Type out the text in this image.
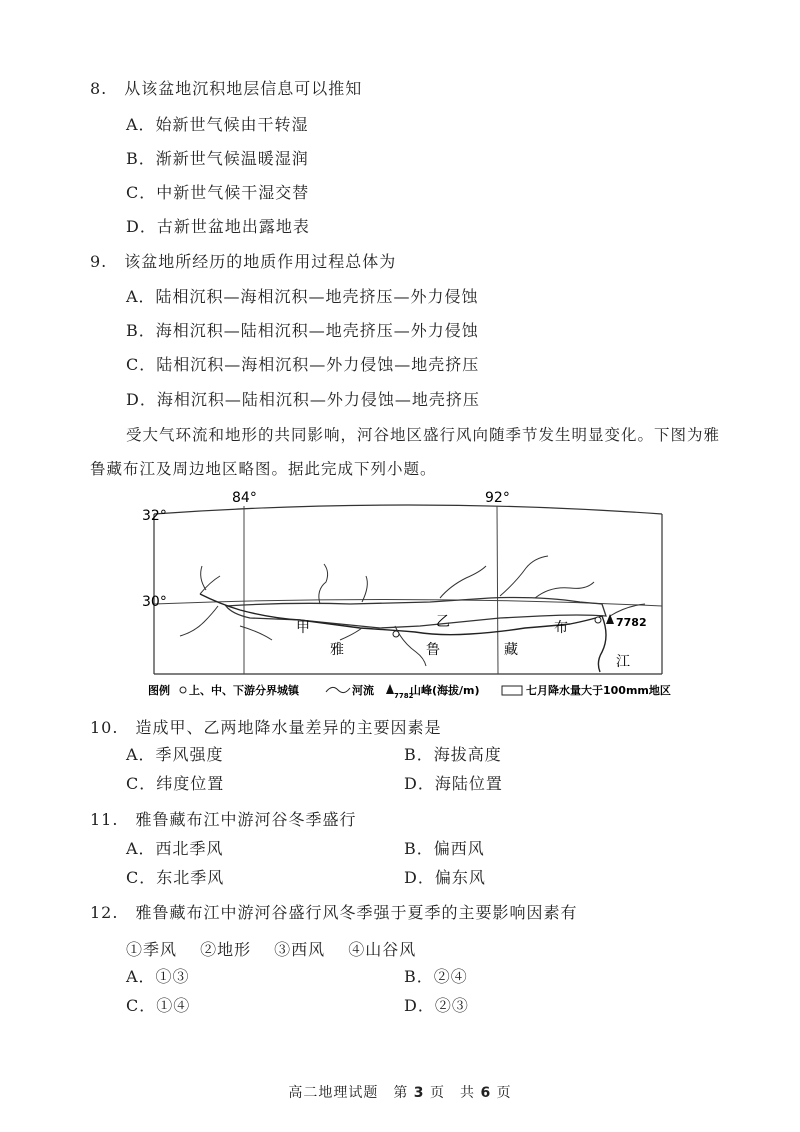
8.　从该盆地沉积地层信息可以推知
A．始新世气候由干转湿
B．渐新世气候温暖湿润
C．中新世气候干湿交替
D．古新世盆地出露地表
9.　该盆地所经历的地质作用过程总体为
A．陆相沉积—海相沉积—地壳挤压—外力侵蚀
B．海相沉积—陆相沉积—地壳挤压—外力侵蚀
C．陆相沉积—海相沉积—外力侵蚀—地壳挤压
D．海相沉积—陆相沉积—外力侵蚀—地壳挤压
受大气环流和地形的共同影响，河谷地区盛行风向随季节发生明显变化。下图为雅
鲁藏布江及周边地区略图。据此完成下列小题。
7782
84°	92°
32°
30°
甲
雅
乙
鲁	藏
布
江
图例 上、中、下游分界城镇	河流	7782
山峰(海拔/m)	七月降水量大于100mm地区
10.　造成甲、乙两地降水量差异的主要因素是
A．季风强度	B．海拔高度
C．纬度位置	D．海陆位置
11.　雅鲁藏布江中游河谷冬季盛行
A．西北季风	B．偏西风
C．东北季风	D．偏东风
12.　雅鲁藏布江中游河谷盛行风冬季强于夏季的主要影响因素有
①季风　 ②地形　 ③西风　 ④山谷风
A．①③	B．②④
C．①④	D．②③
高二地理试题　第 3 页　共 6 页
